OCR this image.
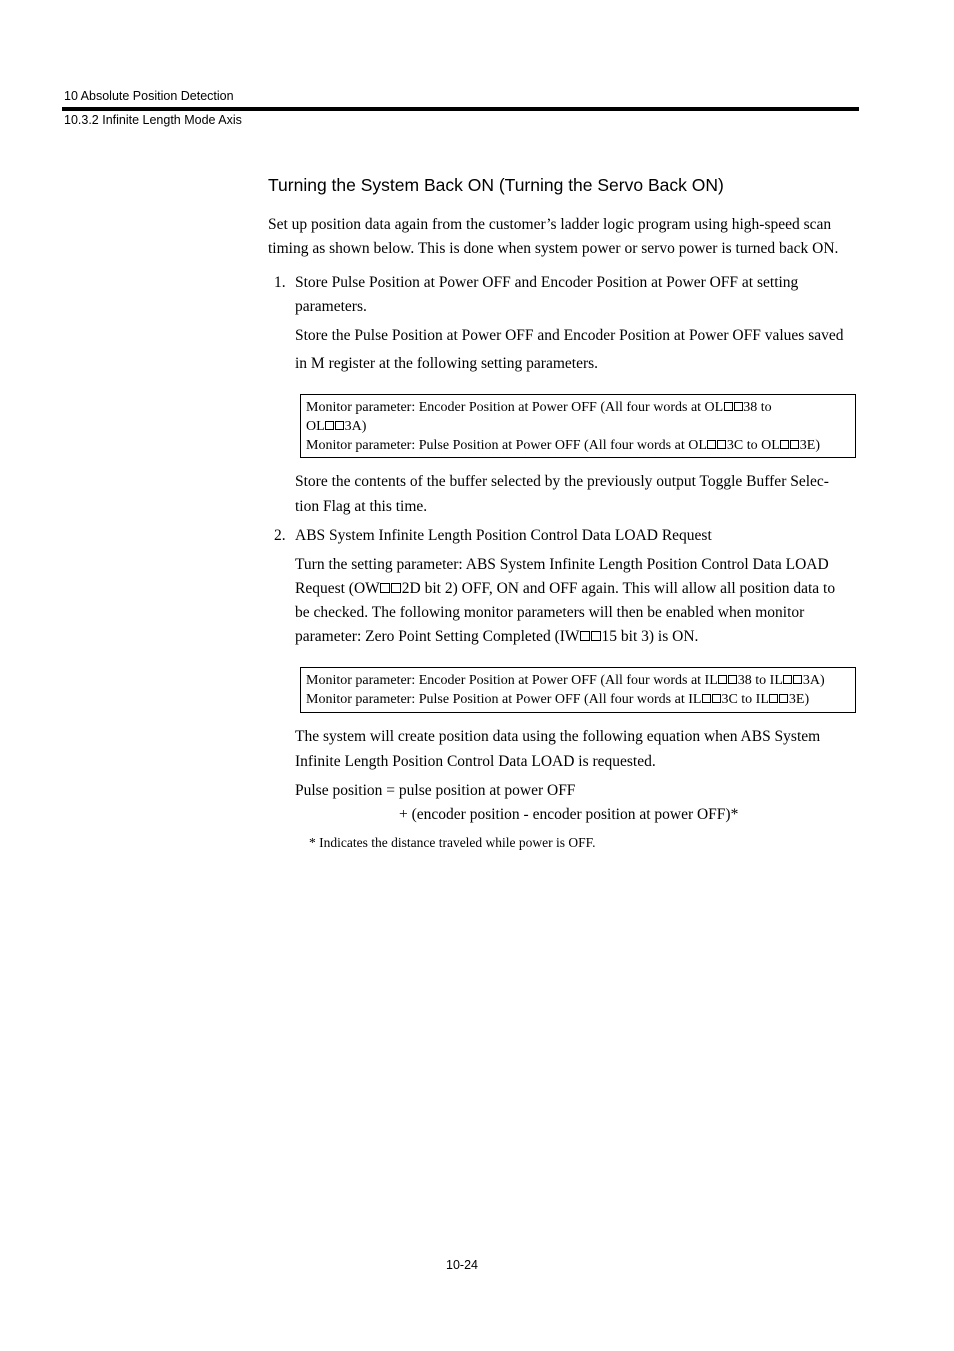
10 Absolute Position Detection
10.3.2 Infinite Length Mode Axis
Turning the System Back ON (Turning the Servo Back ON)
Set up position data again from the customer’s ladder logic program using high-speed scan
timing as shown below. This is done when system power or servo power is turned back ON.
1. Store Pulse Position at Power OFF and Encoder Position at Power OFF at setting
parameters.
Store the Pulse Position at Power OFF and Encoder Position at Power OFF values saved
in M register at the following setting parameters.
Monitor parameter: Encoder Position at Power OFF (All four words at OL 38 to
OL 3A)
Monitor parameter: Pulse Position at Power OFF (All four words at OL 3C to OL 3E)
Store the contents of the buffer selected by the previously output Toggle Buffer Selec-
tion Flag at this time.
2. ABS System Infinite Length Position Control Data LOAD Request
Turn the setting parameter: ABS System Infinite Length Position Control Data LOAD
Request (OW 2D bit 2) OFF, ON and OFF again. This will allow all position data to
be checked. The following monitor parameters will then be enabled when monitor
parameter: Zero Point Setting Completed (IW 15 bit 3) is ON.
Monitor parameter: Encoder Position at Power OFF (All four words at IL 38 to IL 3A)
Monitor parameter: Pulse Position at Power OFF (All four words at IL 3C to IL 3E)
The system will create position data using the following equation when ABS System
Infinite Length Position Control Data LOAD is requested.
Pulse position = pulse position at power OFF
+ (encoder position - encoder position at power OFF)*
* Indicates the distance traveled while power is OFF.
10-24
